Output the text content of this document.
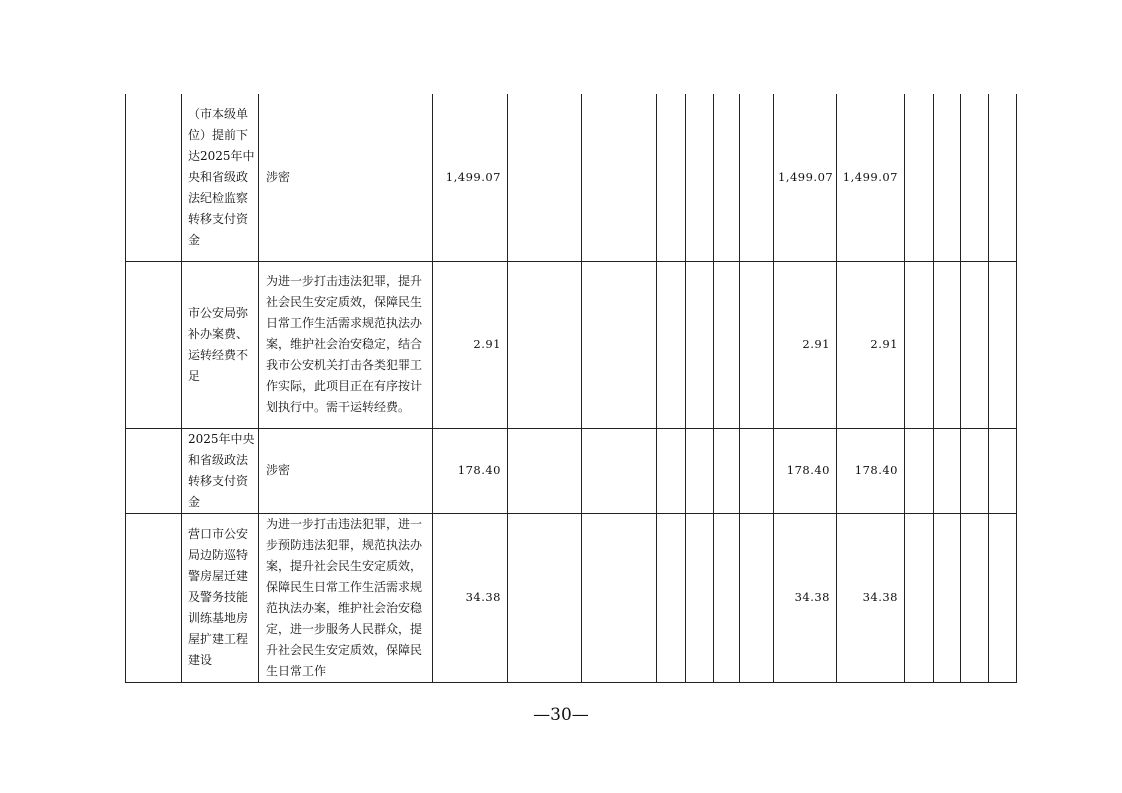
	（市本级单位）提前下达2025年中央和省级政法纪检监察转移支付资金	涉密	1,499.07							1,499.07	1,499.07				
	市公安局弥补办案费、运转经费不足	为进一步打击违法犯罪，提升社会民生安定质效，保障民生日常工作生活需求规范执法办案，维护社会治安稳定，结合我市公安机关打击各类犯罪工作实际，此项目正在有序按计划执行中。需干运转经费。	2.91							2.91	2.91				
	2025年中央和省级政法转移支付资金	涉密	178.40							178.40	178.40				
	营口市公安局边防巡特警房屋迁建及警务技能训练基地房屋扩建工程建设	为进一步打击违法犯罪，进一步预防违法犯罪，规范执法办案，提升社会民生安定质效，保障民生日常工作生活需求规范执法办案，维护社会治安稳定，进一步服务人民群众，提升社会民生安定质效，保障民生日常工作	34.38							34.38	34.38				
—30—
